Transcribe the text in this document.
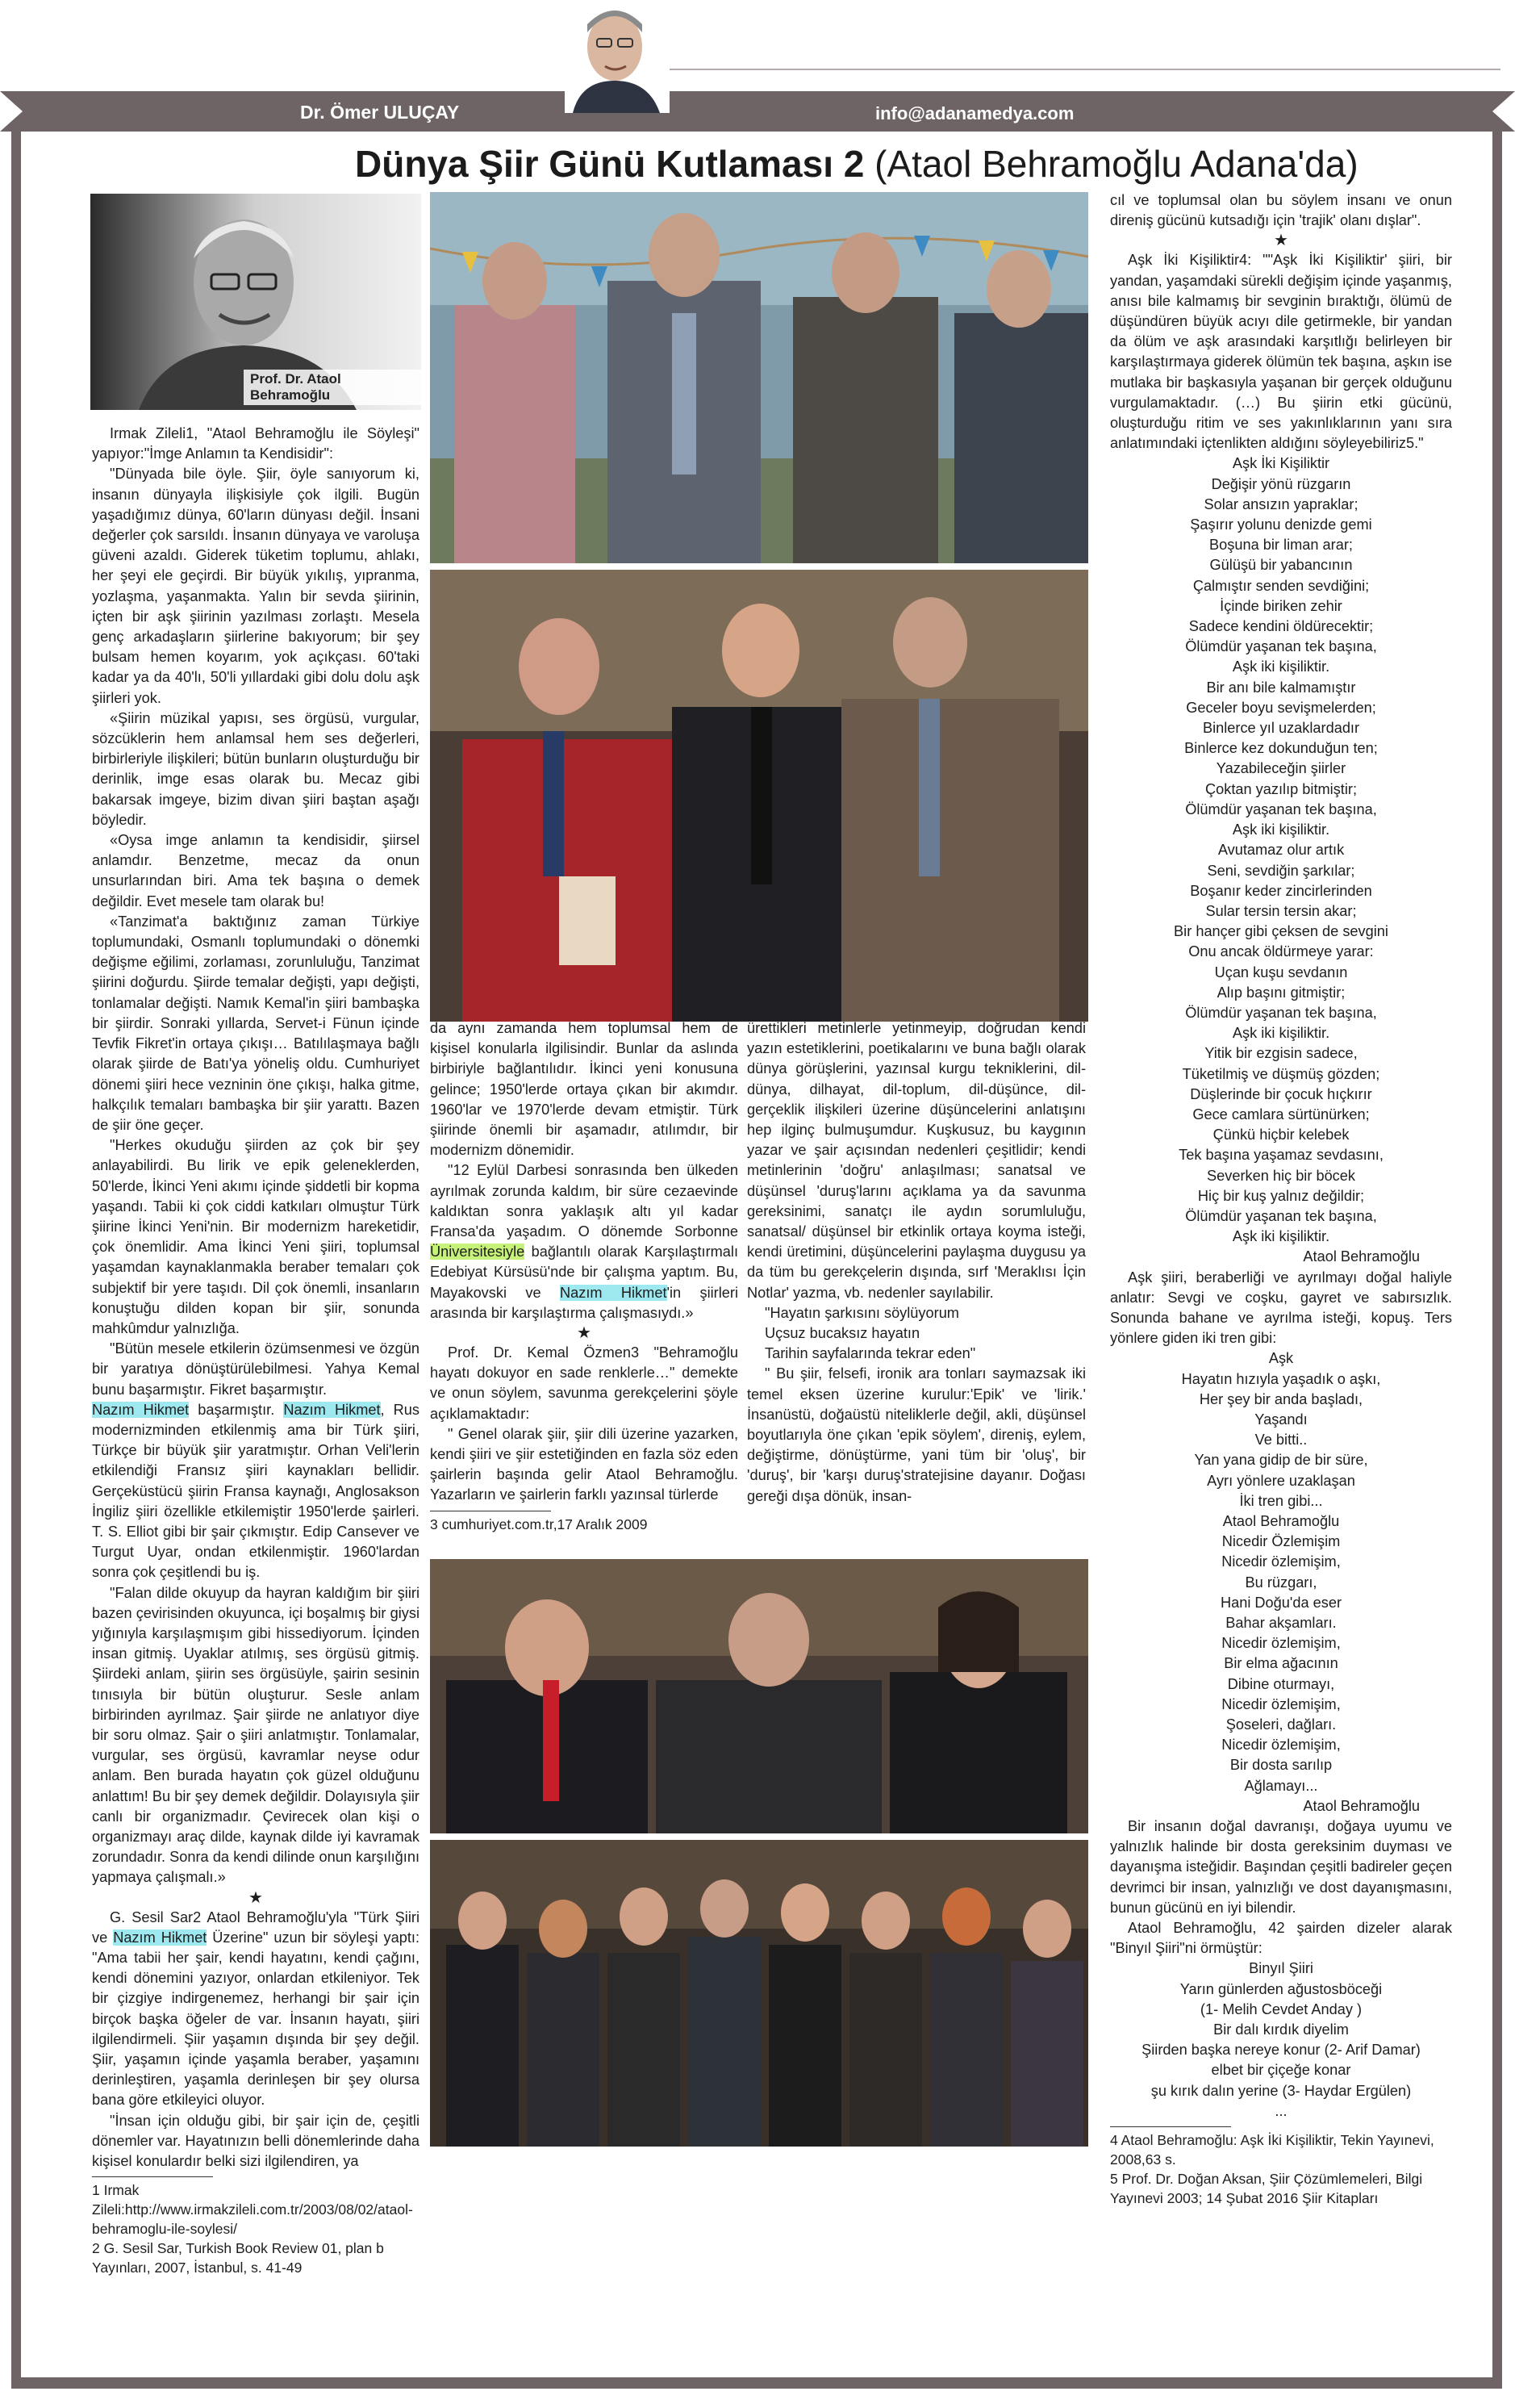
Dr. Ömer ULUÇAY	info@adanamedya.com
Dünya Şiir Günü Kutlaması 2 (Ataol Behramoğlu Adana'da)
Prof. Dr. Ataol Behramoğlu

Irmak Zileli1, "Ataol Behramoğlu ile Söyleşi" yapıyor:"İmge Anlamın ta Kendisidir":

"Dünyada bile öyle. Şiir, öyle sanıyorum ki, insanın dünyayla ilişkisiyle çok ilgili. Bugün yaşadığımız dünya, 60'ların dünyası değil. İnsani değerler çok sarsıldı. İnsanın dünyaya ve varoluşa güveni azaldı. Giderek tüketim toplumu, ahlakı, her şeyi ele geçirdi. Bir büyük yıkılış, yıpranma, yozlaşma, yaşanmakta. Yalın bir sevda şiirinin, içten bir aşk şiirinin yazılması zorlaştı. Mesela genç arkadaşların şiirlerine bakıyorum; bir şey bulsam hemen koyarım, yok açıkçası. 60'taki kadar ya da 40'lı, 50'li yıllardaki gibi dolu dolu aşk şiirleri yok.

«Şiirin müzikal yapısı, ses örgüsü, vurgular, sözcüklerin hem anlamsal hem ses değerleri, birbirleriyle ilişkileri; bütün bunların oluşturduğu bir derinlik, imge esas olarak bu. Mecaz gibi bakarsak imgeye, bizim divan şiiri baştan aşağı böyledir.

«Oysa imge anlamın ta kendisidir, şiirsel anlamdır. Benzetme, mecaz da onun unsurlarından biri. Ama tek başına o demek değildir. Evet mesele tam olarak bu!

«Tanzimat'a baktığınız zaman Türkiye toplumundaki, Osmanlı toplumundaki o dönemki değişme eğilimi, zorlaması, zorunluluğu, Tanzimat şiirini doğurdu. Şiirde temalar değişti, yapı değişti, tonlamalar değişti. Namık Kemal'in şiiri bambaşka bir şiirdir. Sonraki yıllarda, Servet-i Fünun içinde Tevfik Fikret'in ortaya çıkışı… Batılılaşmaya bağlı olarak şiirde de Batı'ya yöneliş oldu. Cumhuriyet dönemi şiiri hece vezninin öne çıkışı, halka gitme, halkçılık temaları bambaşka bir şiir yarattı. Bazen de şiir öne geçer.

"Herkes okuduğu şiirden az çok bir şey anlayabilirdi. Bu lirik ve epik geleneklerden, 50'lerde, İkinci Yeni akımı içinde şiddetli bir kopma yaşandı. Tabii ki çok ciddi katkıları olmuştur Türk şiirine İkinci Yeni'nin. Bir modernizm hareketidir, çok önemlidir. Ama İkinci Yeni şiiri, toplumsal yaşamdan kaynaklanmakla beraber temaları çok subjektif bir yere taşıdı. Dil çok önemli, insanların konuştuğu dilden kopan bir şiir, sonunda mahkûmdur yalnızlığa.

"Bütün mesele etkilerin özümsenmesi ve özgün bir yaratıya dönüştürülebilmesi. Yahya Kemal bunu başarmıştır. Fikret başarmıştır.

Nazım Hikmet başarmıştır. Nazım Hikmet, Rus modernizminden etkilenmiş ama bir Türk şiiri, Türkçe bir büyük şiir yaratmıştır. Orhan Veli'lerin etkilendiği Fransız şiiri kaynakları bellidir. Gerçeküstücü şiirin Fransa kaynağı, Anglosakson İngiliz şiiri özellikle etkilemiştir 1950'lerde şairleri. T. S. Elliot gibi bir şair çıkmıştır. Edip Cansever ve Turgut Uyar, ondan etkilenmiştir. 1960'lardan sonra çok çeşitlendi bu iş.

"Falan dilde okuyup da hayran kaldığım bir şiiri bazen çevirisinden okuyunca, içi boşalmış bir giysi yığınıyla karşılaşmışım gibi hissediyorum. İçinden insan gitmiş. Uyaklar atılmış, ses örgüsü gitmiş. Şiirdeki anlam, şiirin ses örgüsüyle, şairin sesinin tınısıyla bir bütün oluşturur. Sesle anlam birbirinden ayrılmaz. Şair şiirde ne anlatıyor diye bir soru olmaz. Şair o şiiri anlatmıştır. Tonlamalar, vurgular, ses örgüsü, kavramlar neyse odur anlam. Ben burada hayatın çok güzel olduğunu anlattım! Bu bir şey demek değildir. Dolayısıyla şiir canlı bir organizmadır. Çevirecek olan kişi o organizmayı araç dilde, kaynak dilde iyi kavramak zorundadır. Sonra da kendi dilinde onun karşılığını yapmaya çalışmalı.»

★

G. Sesil Sar2 Ataol Behramoğlu'yla "Türk Şiiri ve Nazım Hikmet Üzerine" uzun bir söyleşi yaptı: "Ama tabii her şair, kendi hayatını, kendi çağını, kendi dönemini yazıyor, onlardan etkileniyor. Tek bir çizgiye indirgenemez, herhangi bir şair için birçok başka öğeler de var. İnsanın hayatı, şiiri ilgilendirmeli. Şiir yaşamın dışında bir şey değil. Şiir, yaşamın içinde yaşamla beraber, yaşamını derinleştiren, yaşamla derinleşen bir şey olursa bana göre etkileyici oluyor.

"İnsan için olduğu gibi, bir şair için de, çeşitli dönemler var. Hayatınızın belli dönemlerinde daha kişisel konulardır belki sizi ilgilendiren, ya

1 Irmak Zileli:http://www.irmakzileli.com.tr/2003/08/02/ataol-behramoglu-ile-soylesi/
2 G. Sesil Sar, Turkish Book Review 01, plan b Yayınları, 2007, İstanbul, s. 41-49

da aynı zamanda hem toplumsal hem de kişisel konularla ilgilisindir. Bunlar da aslında birbiriyle bağlantılıdır. İkinci yeni konusuna gelince; 1950'lerde ortaya çıkan bir akımdır. 1960'lar ve 1970'lerde devam etmiştir. Türk şiirinde önemli bir aşamadır, atılımdır, bir modernizm dönemidir.

"12 Eylül Darbesi sonrasında ben ülkeden ayrılmak zorunda kaldım, bir süre cezaevinde kaldıktan sonra yaklaşık altı yıl kadar Fransa'da yaşadım. O dönemde Sorbonne Üniversitesiyle bağlantılı olarak Karşılaştırmalı Edebiyat Kürsüsü'nde bir çalışma yaptım. Bu, Mayakovski ve Nazım Hikmet'in şiirleri arasında bir karşılaştırma çalışmasıydı.»

★

Prof. Dr. Kemal Özmen3 "Behramoğlu hayatı dokuyor en sade renklerle…" demekte ve onun söylem, savunma gerekçelerini şöyle açıklamaktadır:

" Genel olarak şiir, şiir dili üzerine yazarken, kendi şiiri ve şiir estetiğinden en fazla söz eden şairlerin başında gelir Ataol Behramoğlu. Yazarların ve şairlerin farklı yazınsal türlerde

3 cumhuriyet.com.tr,17 Aralık 2009

ürettikleri metinlerle yetinmeyip, doğrudan kendi yazın estetiklerini, poetikalarını ve buna bağlı olarak dünya görüşlerini, yazınsal kurgu tekniklerini, dil-dünya, dilhayat, dil-toplum, dil-düşünce, dil-gerçeklik ilişkileri üzerine düşüncelerini anlatışını hep ilginç bulmuşumdur. Kuşkusuz, bu kaygının yazar ve şair açısından nedenleri çeşitlidir; kendi metinlerinin 'doğru' anlaşılması; sanatsal ve düşünsel 'duruş'larını açıklama ya da savunma gereksinimi, sanatçı ile aydın sorumluluğu, sanatsal/ düşünsel bir etkinlik ortaya koyma isteği, kendi üretimini, düşüncelerini paylaşma duygusu ya da tüm bu gerekçelerin dışında, sırf 'Meraklısı İçin Notlar' yazma, vb. nedenler sayılabilir.

"Hayatın şarkısını söylüyorum

Uçsuz bucaksız hayatın

Tarihin sayfalarında tekrar eden"

" Bu şiir, felsefi, ironik ara tonları saymazsak iki temel eksen üzerine kurulur:'Epik' ve 'lirik.' İnsanüstü, doğaüstü niteliklerle değil, akli, düşünsel boyutlarıyla öne çıkan 'epik söylem', direniş, eylem, değiştirme, dönüştürme, yani tüm bir 'oluş', bir 'duruş', bir 'karşı duruş'stratejisine dayanır. Doğası gereği dışa dönük, insan-

cıl ve toplumsal olan bu söylem insanı ve onun direniş gücünü kutsadığı için 'trajik' olanı dışlar".

★

Aşk İki Kişiliktir4: ""Aşk İki Kişiliktir' şiiri, bir yandan, yaşamdaki sürekli değişim içinde yaşanmış, anısı bile kalmamış bir sevginin bıraktığı, ölümü de düşündüren büyük acıyı dile getirmekle, bir yandan da ölüm ve aşk arasındaki karşıtlığı belirleyen bir karşılaştırmaya giderek ölümün tek başına, aşkın ise mutlaka bir başkasıyla yaşanan bir gerçek olduğunu vurgulamaktadır. (…) Bu şiirin etki gücünü, oluşturduğu ritim ve ses yakınlıklarının yanı sıra anlatımındaki içtenlikten aldığını söyleyebiliriz5."

Aşk İki Kişiliktir
Değişir yönü rüzgarın
Solar ansızın yapraklar;
Şaşırır yolunu denizde gemi
Boşuna bir liman arar;
Gülüşü bir yabancının
Çalmıştır senden sevdiğini;
İçinde biriken zehir
Sadece kendini öldürecektir;
Ölümdür yaşanan tek başına,
Aşk iki kişiliktir.
Bir anı bile kalmamıştır
Geceler boyu sevişmelerden;
Binlerce yıl uzaklardadır
Binlerce kez dokunduğun ten;
Yazabileceğin şiirler
Çoktan yazılıp bitmiştir;
Ölümdür yaşanan tek başına,
Aşk iki kişiliktir.
Avutamaz olur artık
Seni, sevdiğin şarkılar;
Boşanır keder zincirlerinden
Sular tersin tersin akar;
Bir hançer gibi çeksen de sevgini
Onu ancak öldürmeye yarar:
Uçan kuşu sevdanın
Alıp başını gitmiştir;
Ölümdür yaşanan tek başına,
Aşk iki kişiliktir.
Yitik bir ezgisin sadece,
Tüketilmiş ve düşmüş gözden;
Düşlerinde bir çocuk hıçkırır
Gece camlara sürtünürken;
Çünkü hiçbir kelebek
Tek başına yaşamaz sevdasını,
Severken hiç bir böcek
Hiç bir kuş yalnız değildir;
Ölümdür yaşanan tek başına,
Aşk iki kişiliktir.
Ataol Behramoğlu

Aşk şiiri, beraberliği ve ayrılmayı doğal haliyle anlatır: Sevgi ve coşku, gayret ve sabırsızlık. Sonunda bahane ve ayrılma isteği, kopuş. Ters yönlere giden iki tren gibi:

Aşk
Hayatın hızıyla yaşadık o aşkı,
Her şey bir anda başladı,
Yaşandı
Ve bitti..
Yan yana gidip de bir süre,
Ayrı yönlere uzaklaşan
İki tren gibi...
Ataol Behramoğlu
Nicedir Özlemişim
Nicedir özlemişim,
Bu rüzgarı,
Hani Doğu'da eser
Bahar akşamları.
Nicedir özlemişim,
Bir elma ağacının
Dibine oturmayı,
Nicedir özlemişim,
Şoseleri, dağları.
Nicedir özlemişim,
Bir dosta sarılıp
Ağlamayı...
Ataol Behramoğlu

Bir insanın doğal davranışı, doğaya uyumu ve yalnızlık halinde bir dosta gereksinim duyması ve dayanışma isteğidir. Başından çeşitli badireler geçen devrimci bir insan, yalnızlığı ve dost dayanışmasını, bunun gücünü en iyi bilendir.

Ataol Behramoğlu, 42 şairden dizeler alarak "Binyıl Şiiri"ni örmüştür:

Binyıl Şiiri
Yarın günlerden ağustosböceği
(1- Melih Cevdet Anday )
Bir dalı kırdık diyelim
Şiirden başka nereye konur (2- Arif Damar)
elbet bir çiçeğe konar
şu kırık dalın yerine (3- Haydar Ergülen)
...
4 Ataol Behramoğlu: Aşk İki Kişiliktir, Tekin Yayınevi, 2008,63 s.
5 Prof. Dr. Doğan Aksan, Şiir Çözümlemeleri, Bilgi Yayınevi 2003; 14 Şubat 2016 Şiir Kitapları
